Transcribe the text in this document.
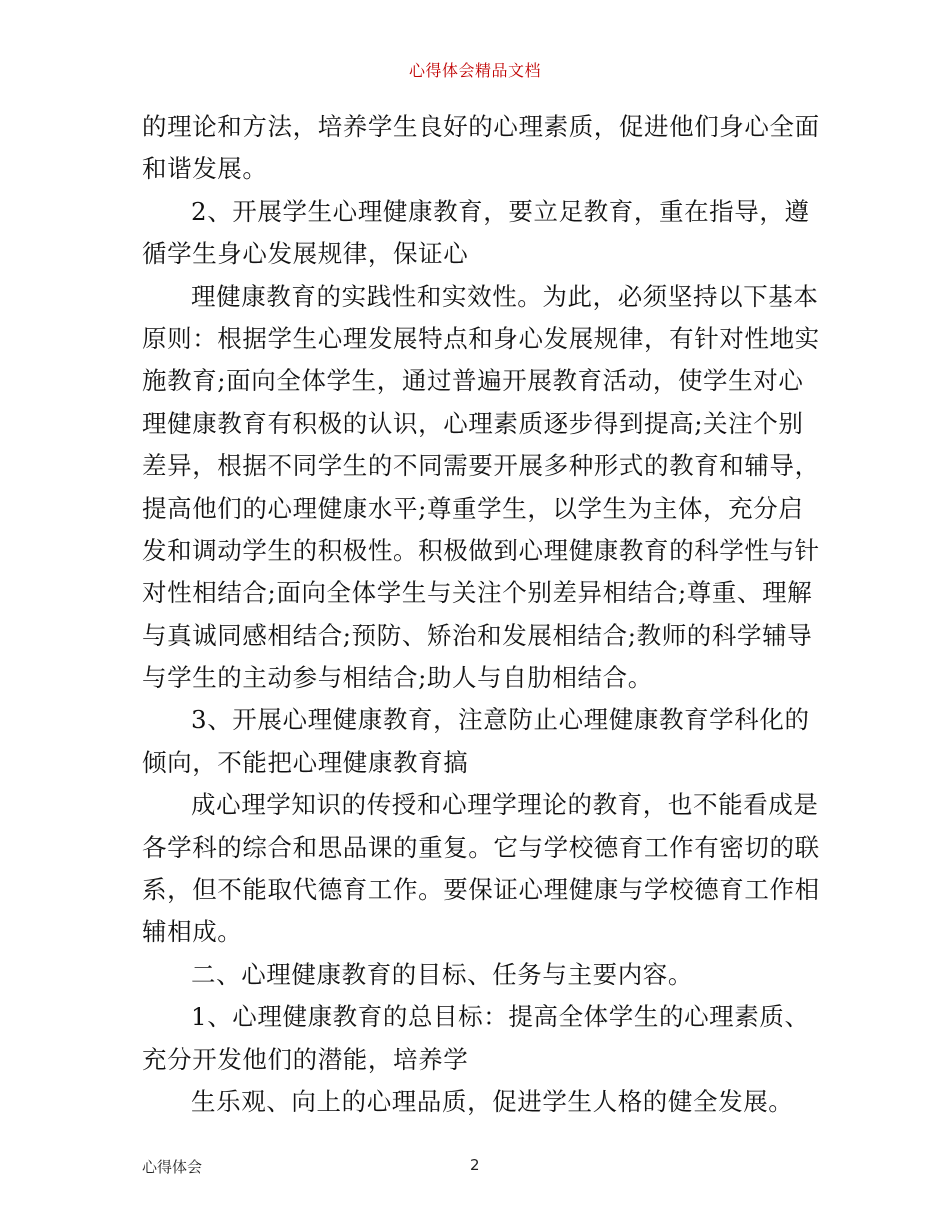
心得体会精品文档
的理论和方法，培养学生良好的心理素质，促进他们身心全面
和谐发展。
2、开展学生心理健康教育，要立足教育，重在指导，遵
循学生身心发展规律，保证心
理健康教育的实践性和实效性。为此，必须坚持以下基本
原则：根据学生心理发展特点和身心发展规律，有针对性地实
施教育;面向全体学生，通过普遍开展教育活动，使学生对心
理健康教育有积极的认识，心理素质逐步得到提高;关注个别
差异，根据不同学生的不同需要开展多种形式的教育和辅导，
提高他们的心理健康水平;尊重学生，以学生为主体，充分启
发和调动学生的积极性。积极做到心理健康教育的科学性与针
对性相结合;面向全体学生与关注个别差异相结合;尊重、理解
与真诚同感相结合;预防、矫治和发展相结合;教师的科学辅导
与学生的主动参与相结合;助人与自肋相结合。
3、开展心理健康教育，注意防止心理健康教育学科化的
倾向，不能把心理健康教育搞
成心理学知识的传授和心理学理论的教育，也不能看成是
各学科的综合和思品课的重复。它与学校德育工作有密切的联
系，但不能取代德育工作。要保证心理健康与学校德育工作相
辅相成。
二、心理健康教育的目标、任务与主要内容。
1、心理健康教育的总目标：提高全体学生的心理素质、
充分开发他们的潜能，培养学
生乐观、向上的心理品质，促进学生人格的健全发展。
心得体会	2
